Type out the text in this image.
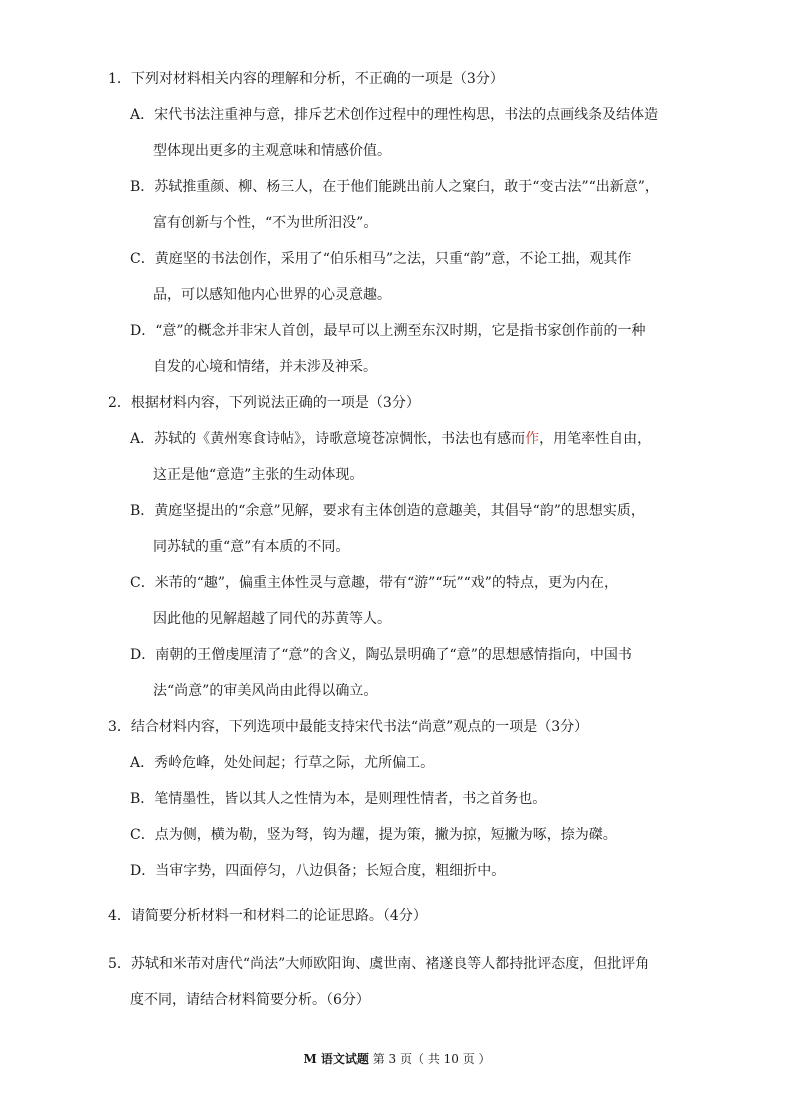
1．下列对材料相关内容的理解和分析，不正确的一项是（3分）
A．宋代书法注重神与意，排斥艺术创作过程中的理性构思，书法的点画线条及结体造
型体现出更多的主观意味和情感价值。
B．苏轼推重颜、柳、杨三人，在于他们能跳出前人之窠臼，敢于“变古法”“出新意”，
富有创新与个性，“不为世所汨没”。
C．黄庭坚的书法创作，采用了“伯乐相马”之法，只重“韵”意，不论工拙，观其作
品，可以感知他内心世界的心灵意趣。
D．“意”的概念并非宋人首创，最早可以上溯至东汉时期，它是指书家创作前的一种
自发的心境和情绪，并未涉及神采。
2．根据材料内容，下列说法正确的一项是（3分）
A．苏轼的《黄州寒食诗帖》，诗歌意境苍凉惆怅，书法也有感而作，用笔率性自由，
这正是他“意造”主张的生动体现。
B．黄庭坚提出的“余意”见解，要求有主体创造的意趣美，其倡导“韵”的思想实质，
同苏轼的重“意”有本质的不同。
C．米芾的“趣”，偏重主体性灵与意趣，带有“游”“玩”“戏”的特点，更为内在，
因此他的见解超越了同代的苏黄等人。
D．南朝的王僧虔厘清了“意”的含义，陶弘景明确了“意”的思想感情指向，中国书
法“尚意”的审美风尚由此得以确立。
3．结合材料内容，下列选项中最能支持宋代书法“尚意”观点的一项是（3分）
A．秀岭危峰，处处间起；行草之际，尤所偏工。
B．笔情墨性，皆以其人之性情为本，是则理性情者，书之首务也。
C．点为侧，横为勒，竖为弩，钩为趯，提为策，撇为掠，短撇为啄，捺为磔。
D．当审字势，四面停匀，八边俱备；长短合度，粗细折中。
4．请简要分析材料一和材料二的论证思路。（4分）
5．苏轼和米芾对唐代“尚法”大师欧阳询、虞世南、褚遂良等人都持批评态度，但批评角
度不同，请结合材料简要分析。（6分）
M 语文试题 第 3 页（ 共 10 页 ）
